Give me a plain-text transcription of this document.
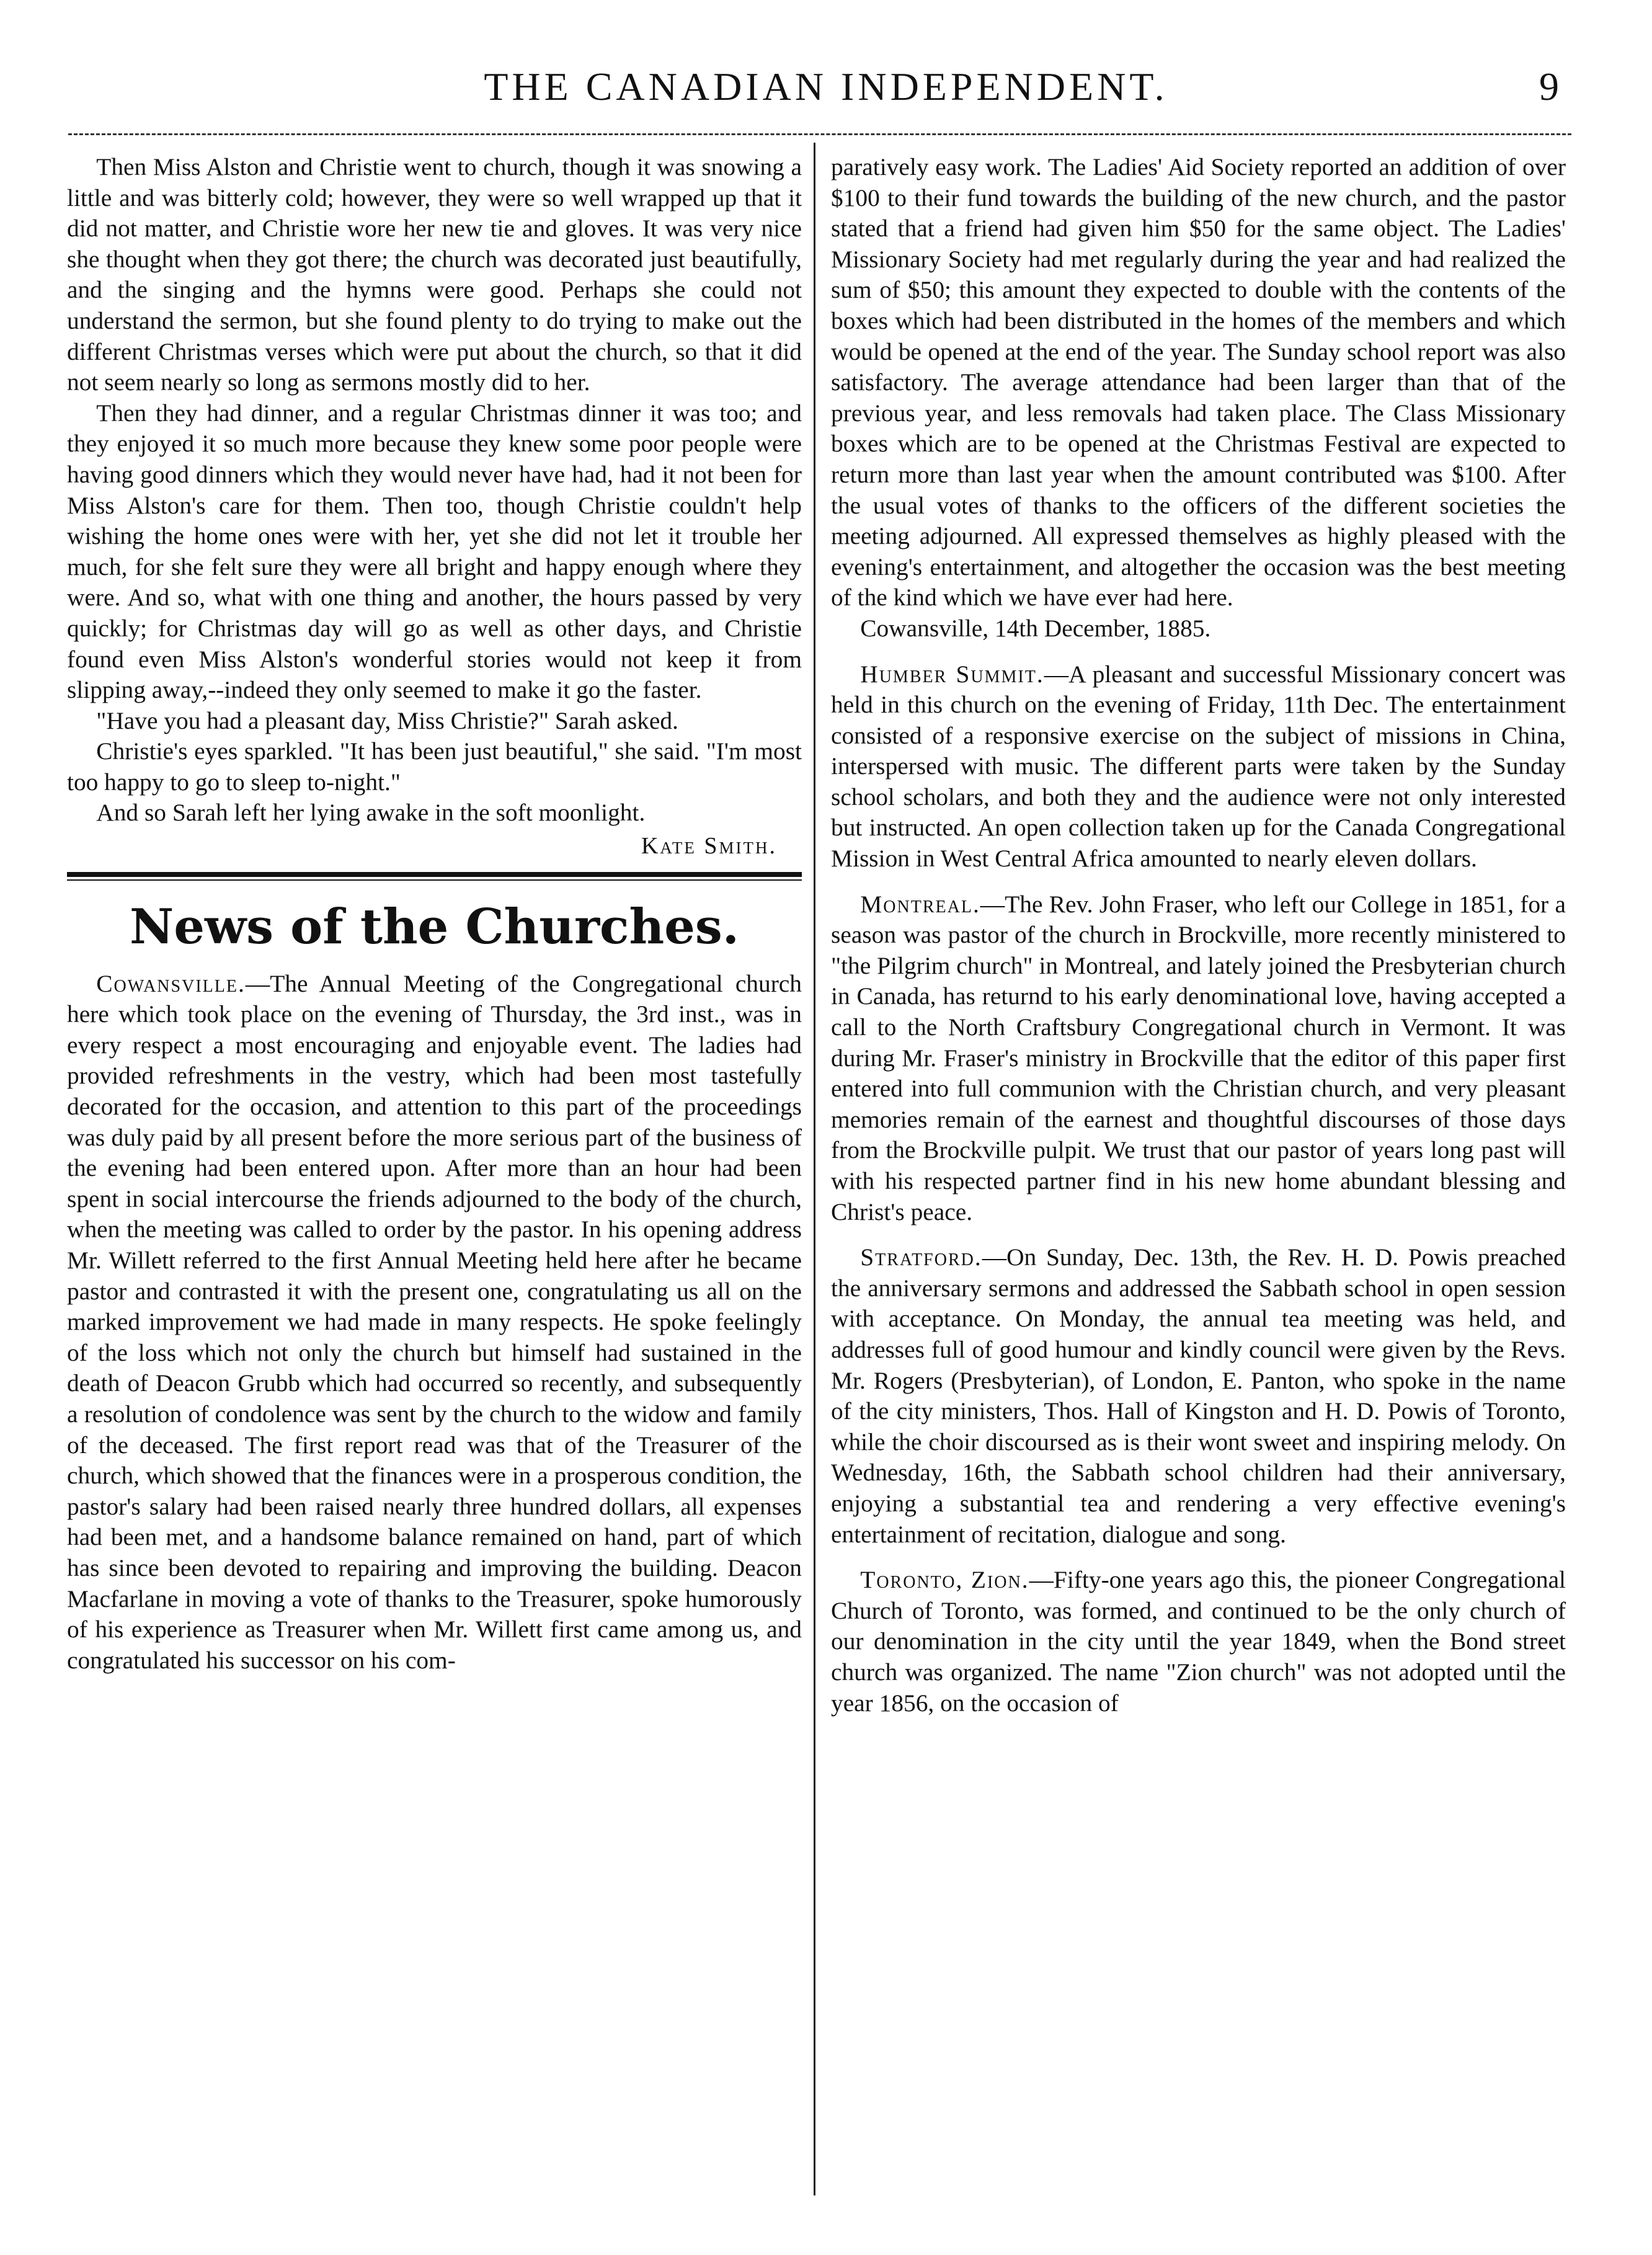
THE CANADIAN INDEPENDENT.	9

Then Miss Alston and Christie went to church, though it was snowing a little and was bitterly cold; however, they were so well wrapped up that it did not matter, and Christie wore her new tie and gloves. It was very nice she thought when they got there; the church was decorated just beautifully, and the singing and the hymns were good. Perhaps she could not understand the sermon, but she found plenty to do trying to make out the different Christmas verses which were put about the church, so that it did not seem nearly so long as sermons mostly did to her.

Then they had dinner, and a regular Christmas dinner it was too; and they enjoyed it so much more because they knew some poor people were having good dinners which they would never have had, had it not been for Miss Alston's care for them. Then too, though Christie couldn't help wishing the home ones were with her, yet she did not let it trouble her much, for she felt sure they were all bright and happy enough where they were. And so, what with one thing and another, the hours passed by very quickly; for Christmas day will go as well as other days, and Christie found even Miss Alston's wonderful stories would not keep it from slipping away,--indeed they only seemed to make it go the faster.

"Have you had a pleasant day, Miss Christie?" Sarah asked.

Christie's eyes sparkled. "It has been just beautiful," she said. "I'm most too happy to go to sleep to-night."

And so Sarah left her lying awake in the soft moonlight.

Kate Smith.
News of the Churches.

Cowansville.—The Annual Meeting of the Congregational church here which took place on the evening of Thursday, the 3rd inst., was in every respect a most encouraging and enjoyable event. The ladies had provided refreshments in the vestry, which had been most tastefully decorated for the occasion, and attention to this part of the proceedings was duly paid by all present before the more serious part of the business of the evening had been entered upon. After more than an hour had been spent in social intercourse the friends adjourned to the body of the church, when the meeting was called to order by the pastor. In his opening address Mr. Willett referred to the first Annual Meeting held here after he became pastor and contrasted it with the present one, congratulating us all on the marked improvement we had made in many respects. He spoke feelingly of the loss which not only the church but himself had sustained in the death of Deacon Grubb which had occurred so recently, and subsequently a resolution of condolence was sent by the church to the widow and family of the deceased. The first report read was that of the Treasurer of the church, which showed that the finances were in a prosperous condition, the pastor's salary had been raised nearly three hundred dollars, all expenses had been met, and a handsome balance remained on hand, part of which has since been devoted to repairing and improving the building. Deacon Macfarlane in moving a vote of thanks to the Treasurer, spoke humorously of his experience as Treasurer when Mr. Willett first came among us, and congratulated his successor on his com-

paratively easy work. The Ladies' Aid Society reported an addition of over $100 to their fund towards the building of the new church, and the pastor stated that a friend had given him $50 for the same object. The Ladies' Missionary Society had met regularly during the year and had realized the sum of $50; this amount they expected to double with the contents of the boxes which had been distributed in the homes of the members and which would be opened at the end of the year. The Sunday school report was also satisfactory. The average attendance had been larger than that of the previous year, and less removals had taken place. The Class Missionary boxes which are to be opened at the Christmas Festival are expected to return more than last year when the amount contributed was $100. After the usual votes of thanks to the officers of the different societies the meeting adjourned. All expressed themselves as highly pleased with the evening's entertainment, and altogether the occasion was the best meeting of the kind which we have ever had here.

Cowansville, 14th December, 1885.

Humber Summit.—A pleasant and successful Missionary concert was held in this church on the evening of Friday, 11th Dec. The entertainment consisted of a responsive exercise on the subject of missions in China, interspersed with music. The different parts were taken by the Sunday school scholars, and both they and the audience were not only interested but instructed. An open collection taken up for the Canada Congregational Mission in West Central Africa amounted to nearly eleven dollars.

Montreal.—The Rev. John Fraser, who left our College in 1851, for a season was pastor of the church in Brockville, more recently ministered to "the Pilgrim church" in Montreal, and lately joined the Presbyterian church in Canada, has returnd to his early denominational love, having accepted a call to the North Craftsbury Congregational church in Vermont. It was during Mr. Fraser's ministry in Brockville that the editor of this paper first entered into full communion with the Christian church, and very pleasant memories remain of the earnest and thoughtful discourses of those days from the Brockville pulpit. We trust that our pastor of years long past will with his respected partner find in his new home abundant blessing and Christ's peace.

Stratford.—On Sunday, Dec. 13th, the Rev. H. D. Powis preached the anniversary sermons and addressed the Sabbath school in open session with acceptance. On Monday, the annual tea meeting was held, and addresses full of good humour and kindly council were given by the Revs. Mr. Rogers (Presbyterian), of London, E. Panton, who spoke in the name of the city ministers, Thos. Hall of Kingston and H. D. Powis of Toronto, while the choir discoursed as is their wont sweet and inspiring melody. On Wednesday, 16th, the Sabbath school children had their anniversary, enjoying a substantial tea and rendering a very effective evening's entertainment of recitation, dialogue and song.

Toronto, Zion.—Fifty-one years ago this, the pioneer Congregational Church of Toronto, was formed, and continued to be the only church of our denomination in the city until the year 1849, when the Bond street church was organized. The name "Zion church" was not adopted until the year 1856, on the occasion of
